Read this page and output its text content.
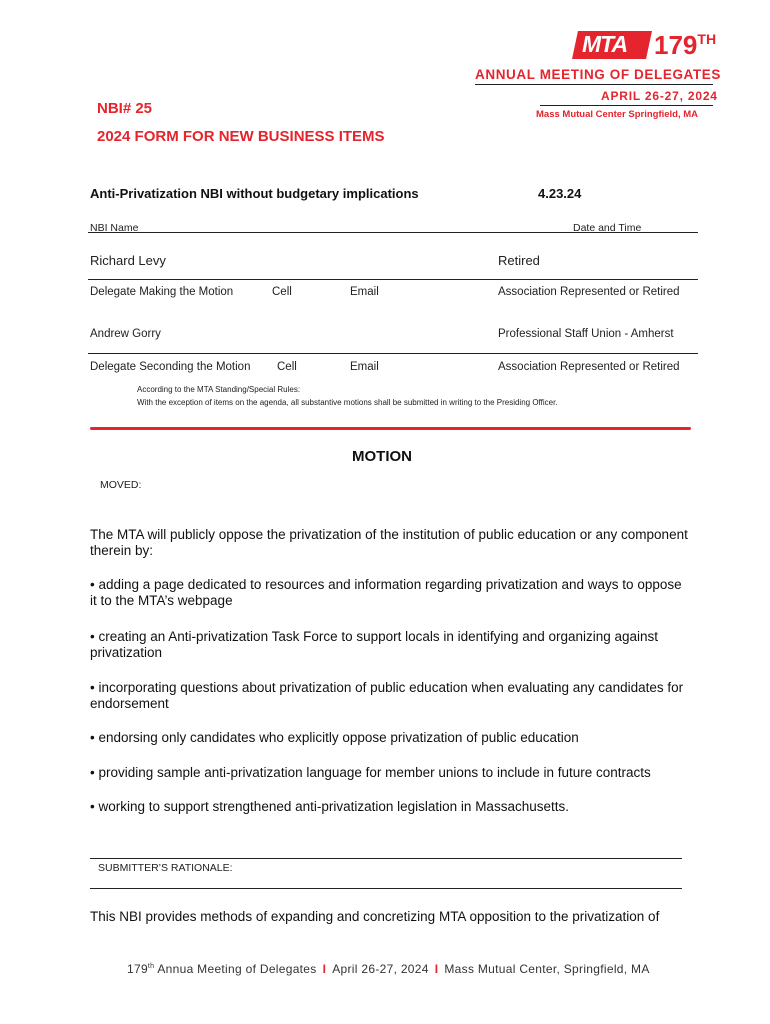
MTA 179TH
ANNUAL MEETING OF DELEGATES
APRIL 26-27, 2024
Mass Mutual Center Springfield, MA
NBI# 25
2024 FORM FOR NEW BUSINESS ITEMS
Anti-Privatization NBI without budgetary implications	4.23.24
NBI Name	Date and Time
Richard Levy	Retired
Delegate Making the Motion	Cell	Email	Association Represented or Retired
Andrew Gorry	Professional Staff Union - Amherst
Delegate Seconding the Motion Cell	Email	Association Represented or Retired
According to the MTA Standing/Special Rules:
With the exception of items on the agenda, all substantive motions shall be submitted in writing to the Presiding Officer.
MOTION
MOVED:
The MTA will publicly oppose the privatization of the institution of public education or any component therein by:
• adding a page dedicated to resources and information regarding privatization and ways to oppose it to the MTA’s webpage
• creating an Anti-privatization Task Force to support locals in identifying and organizing against privatization
• incorporating questions about privatization of public education when evaluating any candidates for endorsement
• endorsing only candidates who explicitly oppose privatization of public education
• providing sample anti-privatization language for member unions to include in future contracts
• working to support strengthened anti-privatization legislation in Massachusetts.
SUBMITTER’S RATIONALE:
This NBI provides methods of expanding and concretizing MTA opposition to the privatization of
179th Annua Meeting of Delegates I April 26-27, 2024 I Mass Mutual Center, Springfield, MA
